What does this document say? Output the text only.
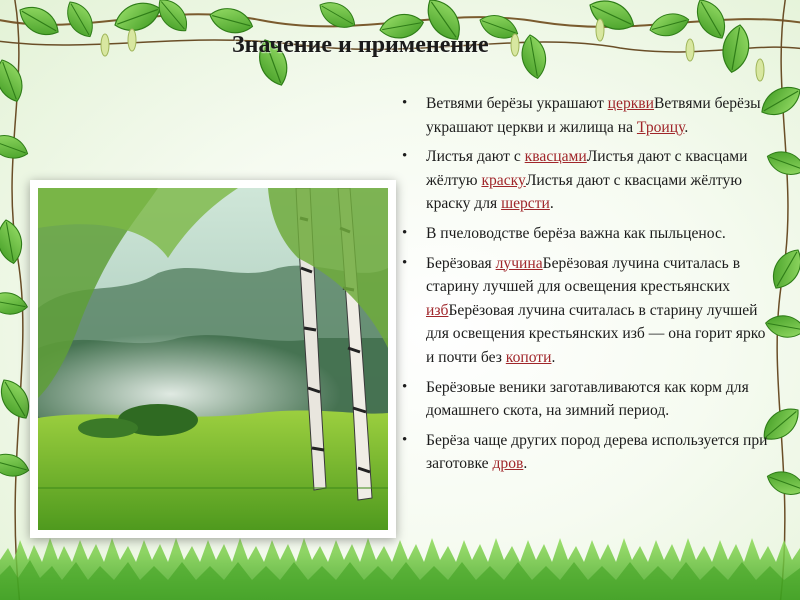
Значение и применение
• Ветвями берёзы украшают церквиВетвями берёзы украшают церкви и жилища на Троицу.
• Листья дают с квасцамиЛистья дают с квасцами жёлтую краскуЛистья дают с квасцами жёлтую краску для шерсти.
• В пчеловодстве берёза важна как пыльценос.
• Берёзовая лучинаБерёзовая лучина считалась в старину лучшей для освещения крестьянских избБерёзовая лучина считалась в старину лучшей для освещения крестьянских изб — она горит ярко и почти без копоти.
• Берёзовые веники заготавливаются как корм для домашнего скота, на зимний период.
• Берёза чаще других пород дерева используется при заготовке дров.
